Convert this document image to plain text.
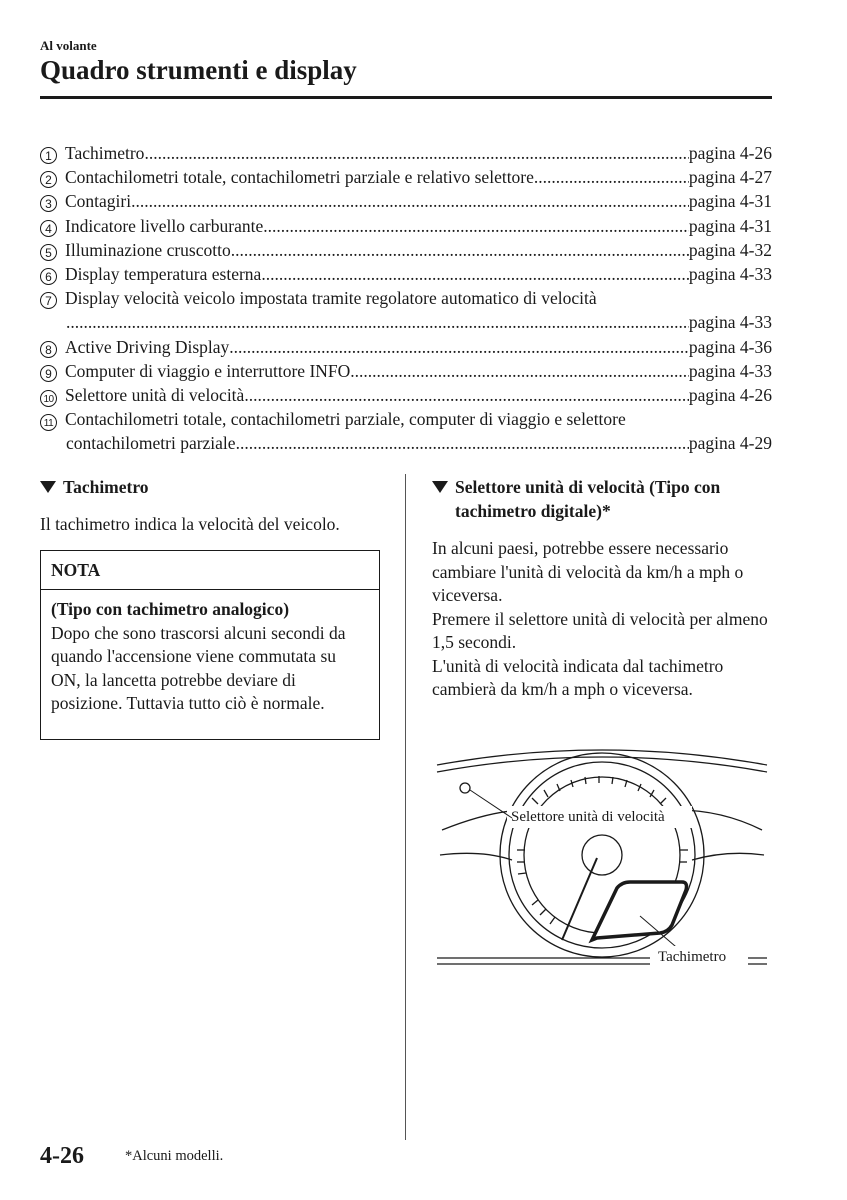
Al volante
Quadro strumenti e display
1 Tachimetro .....	pagina 4-26
2 Contachilometri totale, contachilometri parziale e relativo selettore .....	pagina 4-27
3 Contagiri .....	pagina 4-31
4 Indicatore livello carburante .....	pagina 4-31
5 Illuminazione cruscotto .....	pagina 4-32
6 Display temperatura esterna .....	pagina 4-33
7 Display velocità veicolo impostata tramite regolatore automatico di velocità
.....
pagina 4-33
8 Active Driving Display .....	pagina 4-36
9 Computer di viaggio e interruttore INFO .....	pagina 4-33
10 Selettore unità di velocità .....	pagina 4-26
11 Contachilometri totale, contachilometri parziale, computer di viaggio e selettore
contachilometri parziale .....	pagina 4-29
Tachimetro
Il tachimetro indica la velocità del veicolo.
NOTA
(Tipo con tachimetro analogico)
Dopo che sono trascorsi alcuni secondi da quando l'accensione viene commutata su ON, la lancetta potrebbe deviare di posizione. Tuttavia tutto ciò è normale.
Selettore unità di velocità (Tipo con
tachimetro digitale)*
In alcuni paesi, potrebbe essere necessario cambiare l'unità di velocità da km/h a mph o viceversa.
Premere il selettore unità di velocità per almeno 1,5 secondi.
L'unità di velocità indicata dal tachimetro cambierà da km/h a mph o viceversa.
Selettore unità di velocità
Tachimetro
4-26	*Alcuni modelli.
